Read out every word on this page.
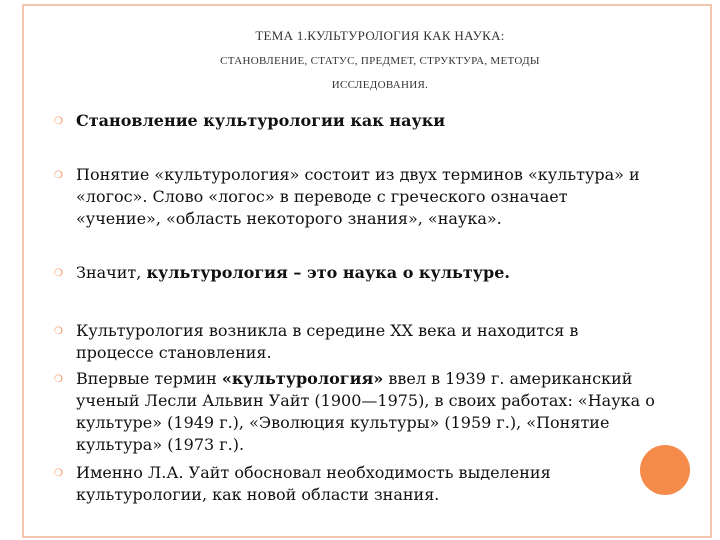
ТЕМА 1.КУЛЬТУРОЛОГИЯ КАК НАУКА:
СТАНОВЛЕНИЕ, СТАТУС, ПРЕДМЕТ, СТРУКТУРА, МЕТОДЫ
ИССЛЕДОВАНИЯ.
❍ Становление культурологии как науки
❍ Понятие «культурология» состоит из двух терминов «культура» и «логос». Слово «логос» в переводе с греческого означает «учение», «область некоторого знания», «наука».
❍ Значит, культурология – это наука о культуре.
❍ Культурология возникла в середине XX века и находится в процессе становления.
❍ Впервые термин «культурология» ввел в 1939 г. американский ученый Лесли Альвин Уайт (1900—1975), в своих работах: «Наука о культуре» (1949 г.), «Эволюция культуры» (1959 г.), «Понятие культура» (1973 г.).
❍ Именно Л.А. Уайт обосновал необходимость выделения культурологии, как новой области знания.
